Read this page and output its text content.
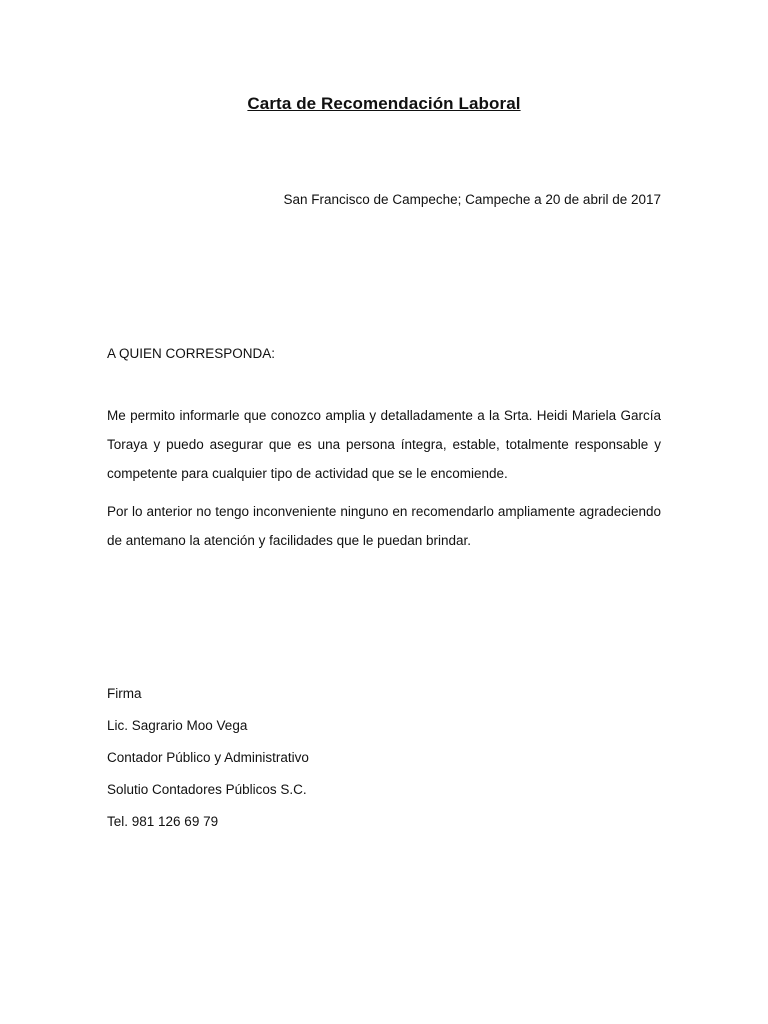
Carta de Recomendación Laboral
San Francisco de Campeche; Campeche a 20 de abril de 2017
A QUIEN CORRESPONDA:

Me permito informarle que conozco amplia y detalladamente a la Srta. Heidi Mariela García Toraya y puedo asegurar que es una persona íntegra, estable, totalmente responsable y competente para cualquier tipo de actividad que se le encomiende.

Por lo anterior no tengo inconveniente ninguno en recomendarlo ampliamente agradeciendo de antemano la atención y facilidades que le puedan brindar.

Firma
Lic. Sagrario Moo Vega
Contador Público y Administrativo
Solutio Contadores Públicos S.C.
Tel. 981 126 69 79
